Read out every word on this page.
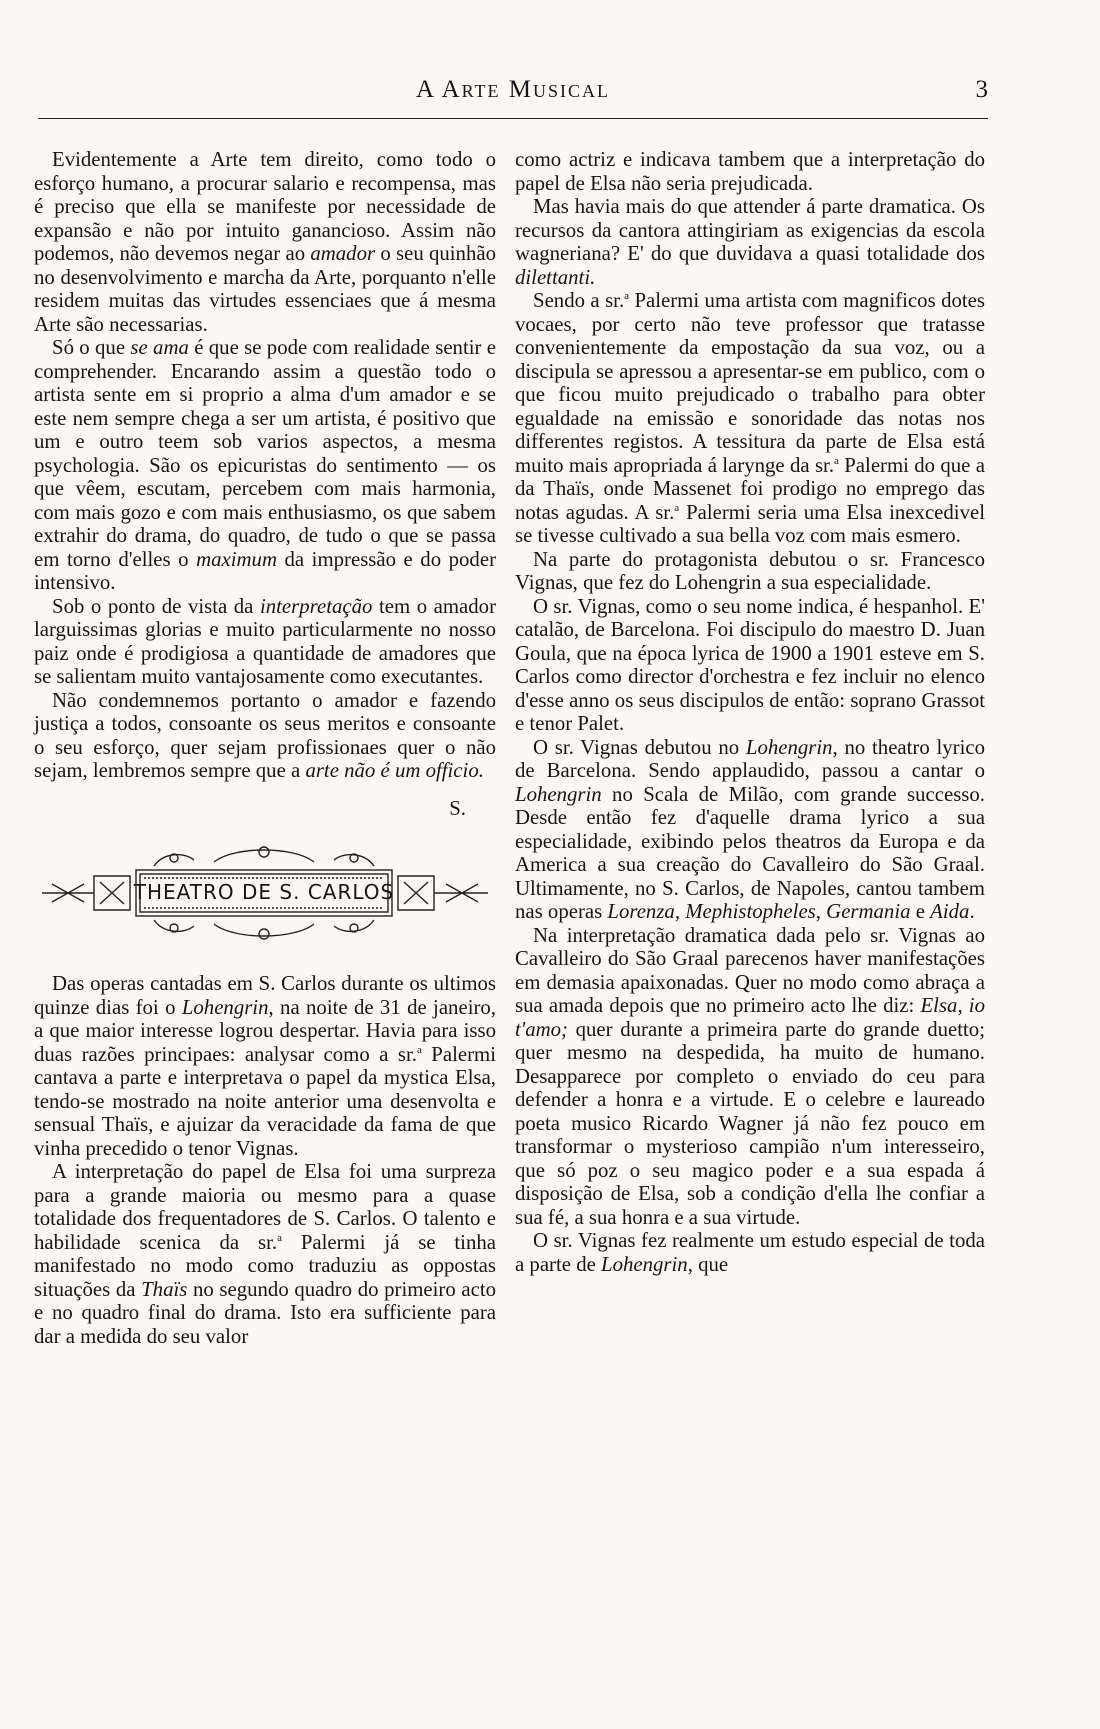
A Arte Musical	3

Evidentemente a Arte tem direito, como todo o esforço humano, a procurar salario e recompensa, mas é preciso que ella se manifeste por necessidade de expansão e não por intuito ganancioso. Assim não podemos, não devemos negar ao amador o seu quinhão no desenvolvimento e marcha da Arte, porquanto n'elle residem muitas das virtudes essenciaes que á mesma Arte são necessarias.

Só o que se ama é que se pode com realidade sentir e comprehender. Encarando assim a questão todo o artista sente em si proprio a alma d'um amador e se este nem sempre chega a ser um artista, é positivo que um e outro teem sob varios aspectos, a mesma psychologia. São os epicuristas do sentimento — os que vêem, escutam, percebem com mais harmonia, com mais gozo e com mais enthusiasmo, os que sabem extrahir do drama, do quadro, de tudo o que se passa em torno d'elles o maximum da impressão e do poder intensivo.

Sob o ponto de vista da interpretação tem o amador larguissimas glorias e muito particularmente no nosso paiz onde é prodigiosa a quantidade de amadores que se salientam muito vantajosamente como executantes.

Não condemnemos portanto o amador e fazendo justiça a todos, consoante os seus meritos e consoante o seu esforço, quer sejam profissionaes quer o não sejam, lembremos sempre que a arte não é um officio.

S.

THEATRO DE S. CARLOS

Das operas cantadas em S. Carlos durante os ultimos quinze dias foi o Lohengrin, na noite de 31 de janeiro, a que maior interesse logrou despertar. Havia para isso duas razões principaes: analysar como a sr.$^a$ Palermi cantava a parte e interpretava o papel da mystica Elsa, tendo-se mostrado na noite anterior uma desenvolta e sensual Thaïs, e ajuizar da veracidade da fama de que vinha precedido o tenor Vignas.

A interpretação do papel de Elsa foi uma surpreza para a grande maioria ou mesmo para a quase totalidade dos frequentadores de S. Carlos. O talento e habilidade scenica da sr.$^a$ Palermi já se tinha manifestado no modo como traduziu as oppostas situações da Thaïs no segundo quadro do primeiro acto e no quadro final do drama. Isto era sufficiente para dar a medida do seu valor

como actriz e indicava tambem que a interpretação do papel de Elsa não seria prejudicada.

Mas havia mais do que attender á parte dramatica. Os recursos da cantora attingiriam as exigencias da escola wagneriana? E' do que duvidava a quasi totalidade dos dilettanti.

Sendo a sr.$^a$ Palermi uma artista com magnificos dotes vocaes, por certo não teve professor que tratasse convenientemente da empostação da sua voz, ou a discipula se apressou a apresentar-se em publico, com o que ficou muito prejudicado o trabalho para obter egualdade na emissão e sonoridade das notas nos differentes registos. A tessitura da parte de Elsa está muito mais apropriada á larynge da sr.$^a$ Palermi do que a da Thaïs, onde Massenet foi prodigo no emprego das notas agudas. A sr.$^a$ Palermi seria uma Elsa inexcedivel se tivesse cultivado a sua bella voz com mais esmero.

Na parte do protagonista debutou o sr. Francesco Vignas, que fez do Lohengrin a sua especialidade.

O sr. Vignas, como o seu nome indica, é hespanhol. E' catalão, de Barcelona. Foi discipulo do maestro D. Juan Goula, que na época lyrica de 1900 a 1901 esteve em S. Carlos como director d'orchestra e fez incluir no elenco d'esse anno os seus discipulos de então: soprano Grassot e tenor Palet.

O sr. Vignas debutou no Lohengrin, no theatro lyrico de Barcelona. Sendo applaudido, passou a cantar o Lohengrin no Scala de Milão, com grande successo. Desde então fez d'aquelle drama lyrico a sua especialidade, exibindo pelos theatros da Europa e da America a sua creação do Cavalleiro do São Graal. Ultimamente, no S. Carlos, de Napoles, cantou tambem nas operas Lorenza, Mephistopheles, Germania e Aida.

Na interpretação dramatica dada pelo sr. Vignas ao Cavalleiro do São Graal parecenos haver manifestações em demasia apaixonadas. Quer no modo como abraça a sua amada depois que no primeiro acto lhe diz: Elsa, io t'amo; quer durante a primeira parte do grande duetto; quer mesmo na despedida, ha muito de humano. Desapparece por completo o enviado do ceu para defender a honra e a virtude. E o celebre e laureado poeta musico Ricardo Wagner já não fez pouco em transformar o mysterioso campião n'um interesseiro, que só poz o seu magico poder e a sua espada á disposição de Elsa, sob a condição d'ella lhe confiar a sua fé, a sua honra e a sua virtude.

O sr. Vignas fez realmente um estudo especial de toda a parte de Lohengrin, que
